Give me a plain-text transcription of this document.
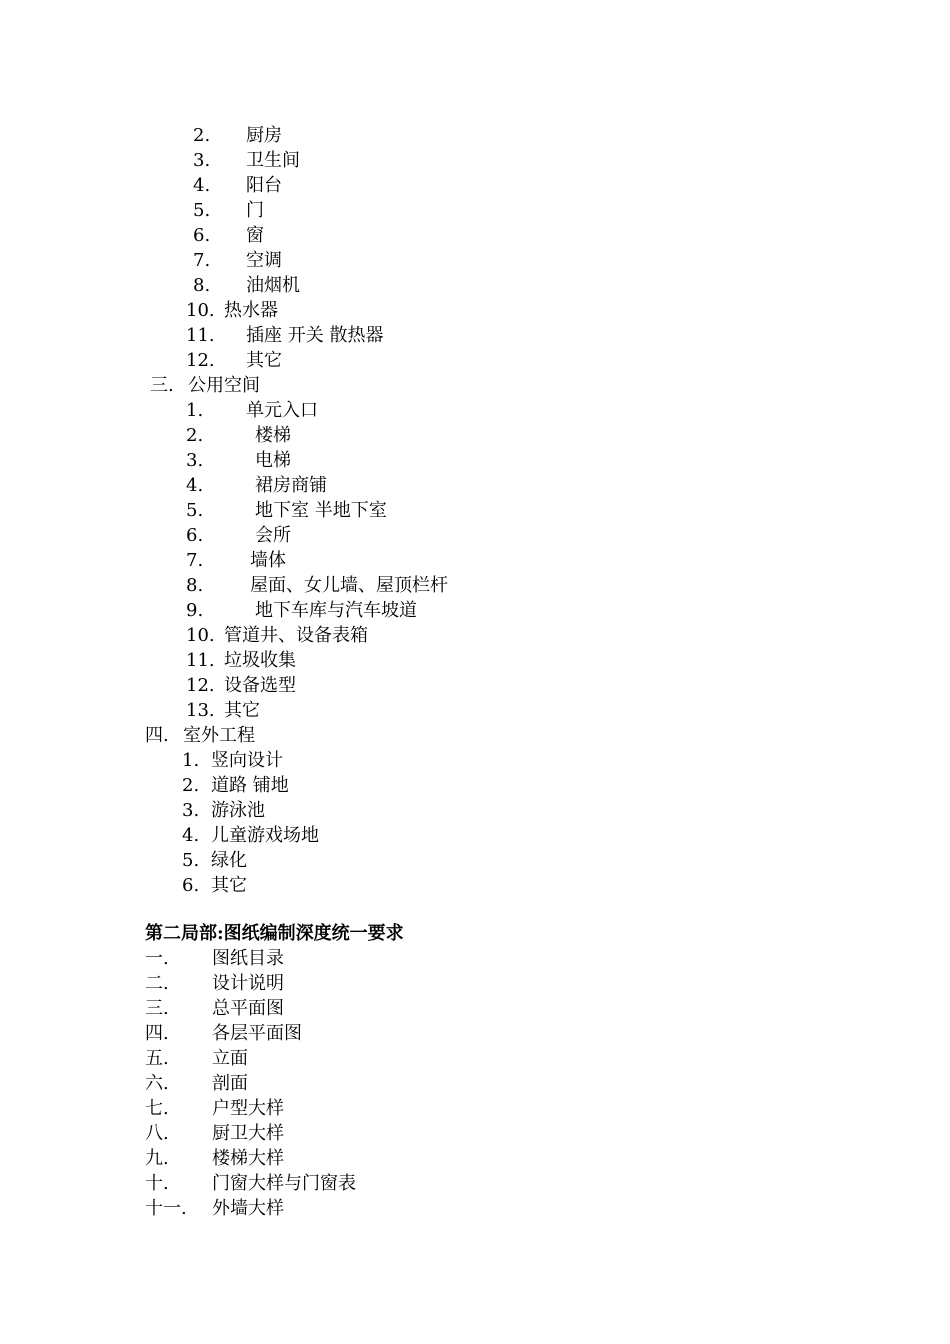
2. 厨房
3. 卫生间
4. 阳台
5. 门
6. 窗
7. 空调
8. 油烟机
10. 热水器
11. 插座 开关 散热器
12. 其它
三. 公用空间
1. 单元入口
2.	楼梯
3.	电梯
4.	裙房商铺
5.	地下室 半地下室
6.	会所
7.	墙体
8.	屋面、女儿墙、屋顶栏杆
9.	地下车库与汽车坡道
10. 管道井、设备表箱
11. 垃圾收集
12. 设备选型
13. 其它
四. 室外工程
1. 竖向设计
2. 道路 铺地
3. 游泳池
4. 儿童游戏场地
5. 绿化
6. 其它
第二局部:图纸编制深度统一要求
一. 图纸目录
二. 设计说明
三. 总平面图
四. 各层平面图
五. 立面
六. 剖面
七. 户型大样
八. 厨卫大样
九. 楼梯大样
十. 门窗大样与门窗表
十一. 外墙大样
